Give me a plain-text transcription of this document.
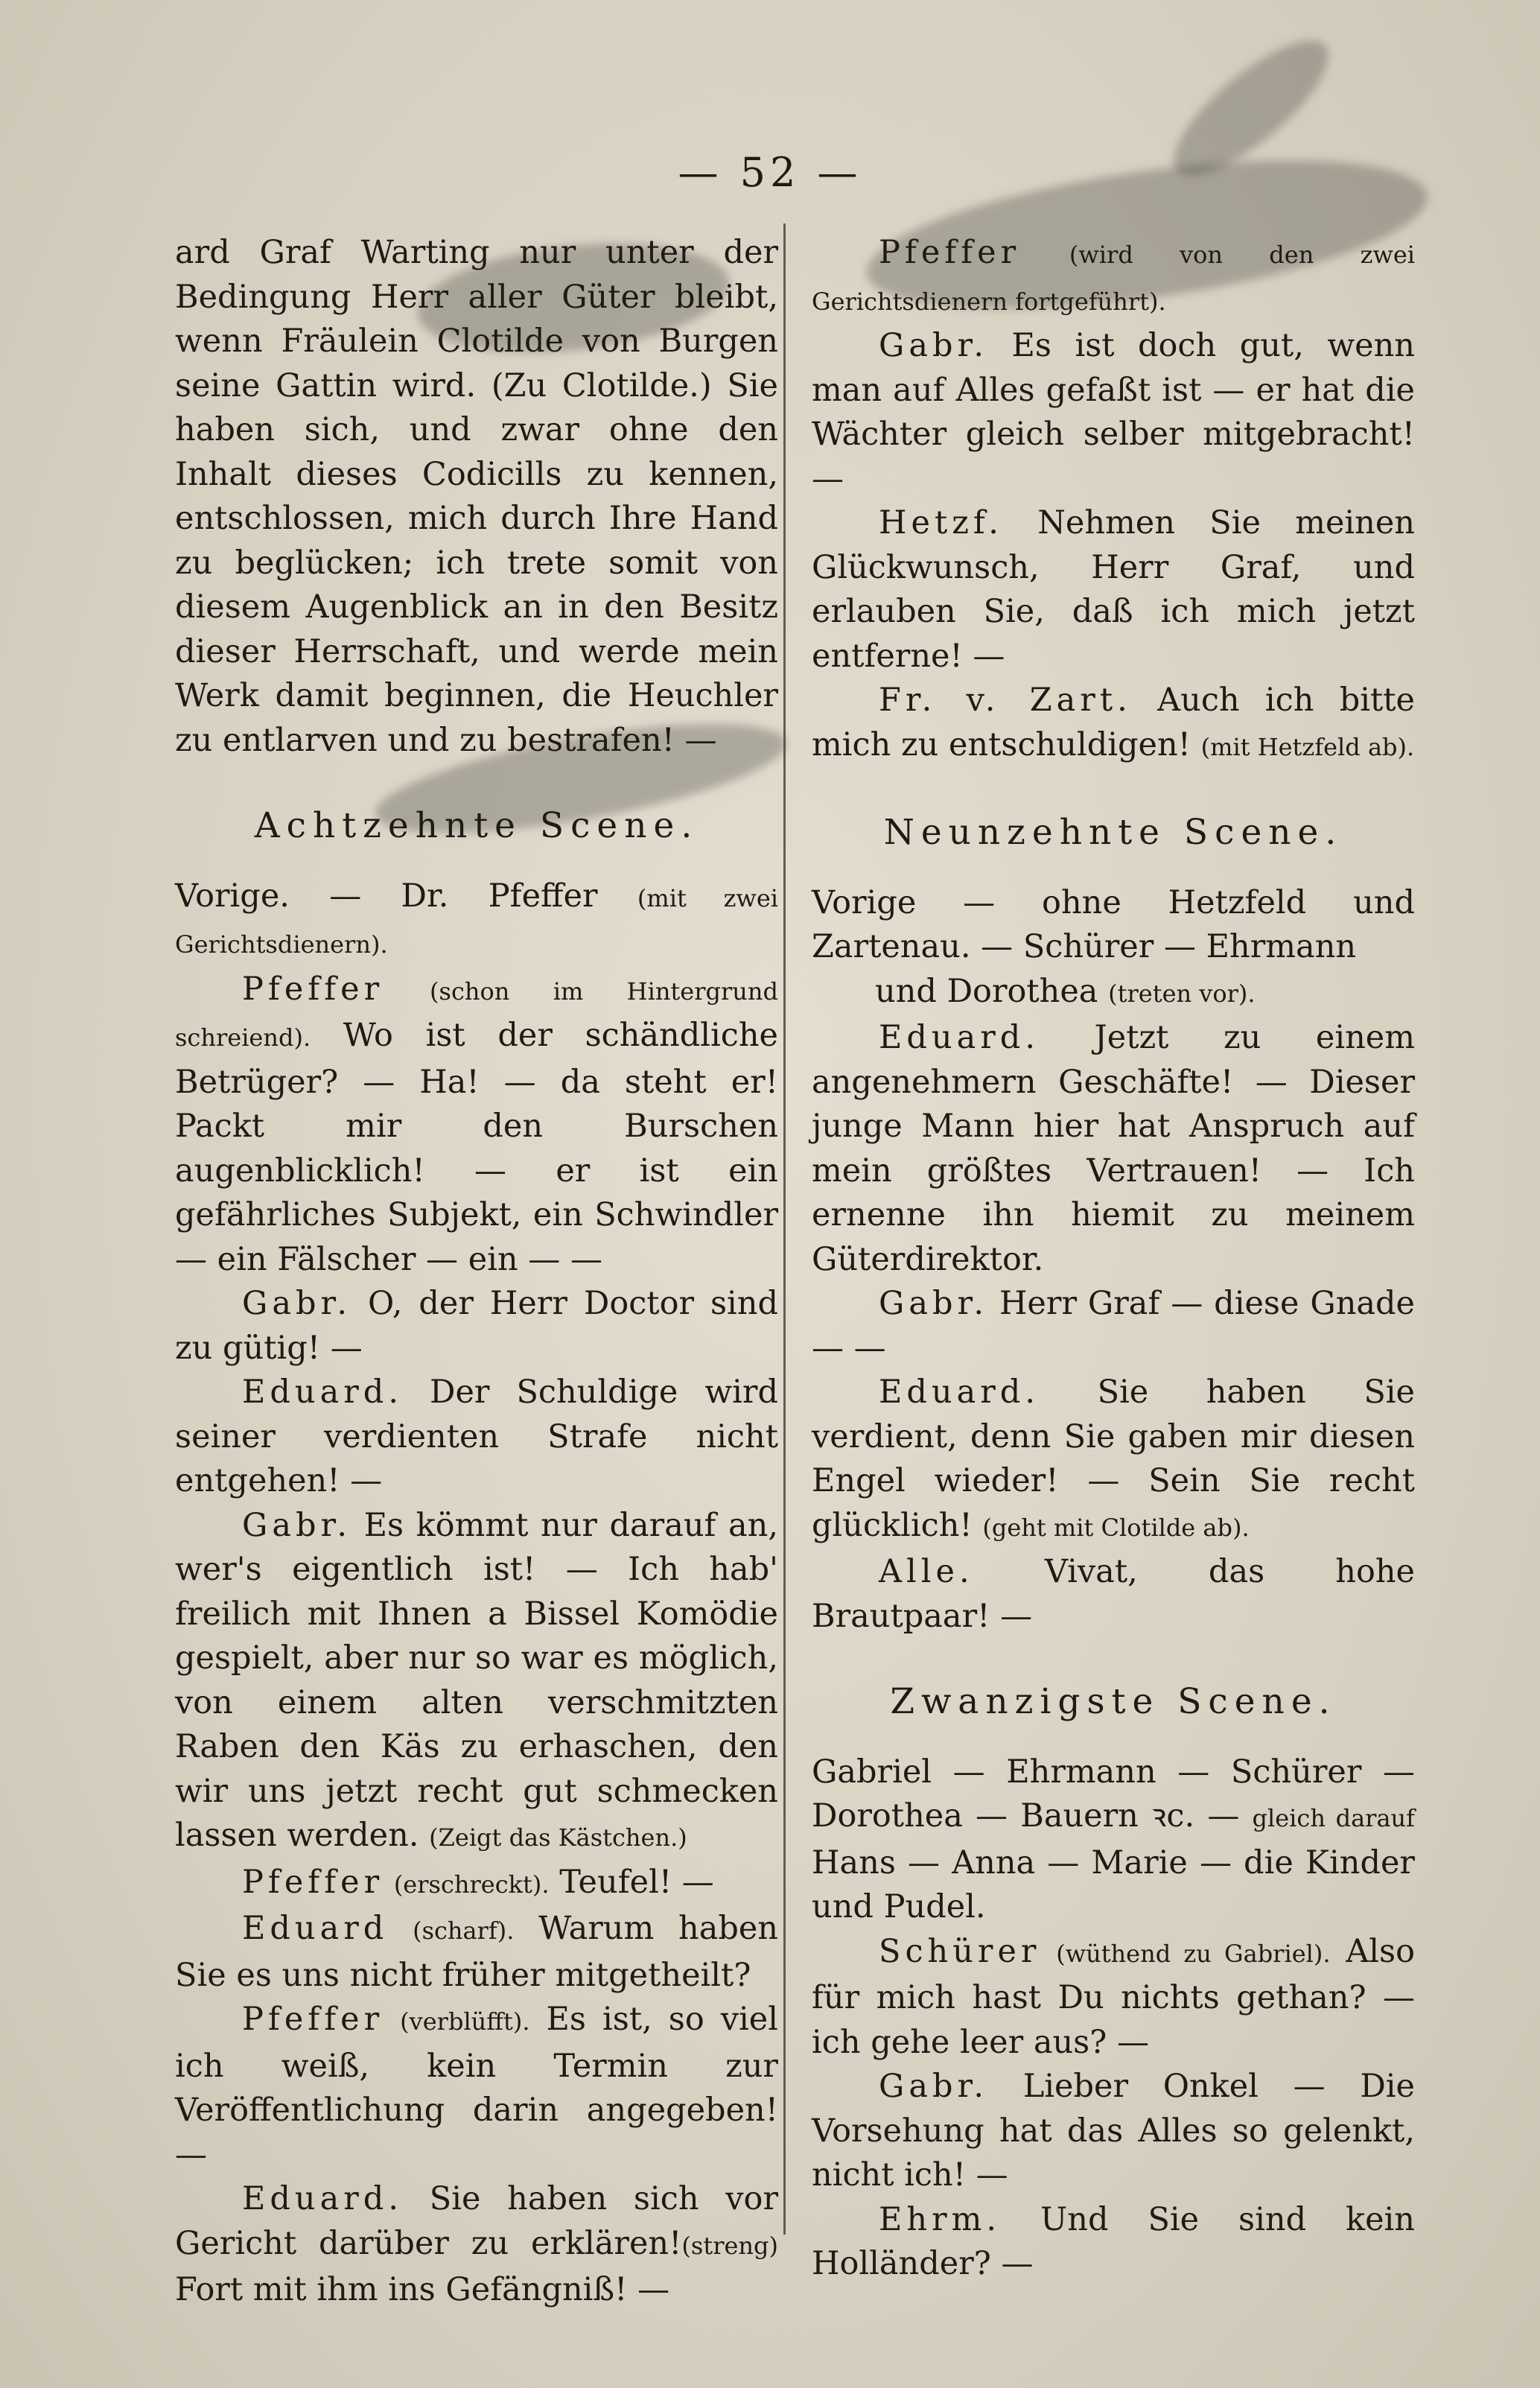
— 52 —

ard Graf Warting nur unter der Bedingung Herr aller Güter bleibt, wenn Fräulein Clotilde von Burgen seine Gattin wird. (Zu Clotilde.) Sie haben sich, und zwar ohne den Inhalt dieses Codicills zu kennen, entschlossen, mich durch Ihre Hand zu beglücken; ich trete somit von diesem Augenblick an in den Besitz dieser Herrschaft, und werde mein Werk damit beginnen, die Heuchler zu entlarven und zu bestrafen! —

Achtzehnte Scene.

Vorige. — Dr. Pfeffer (mit zwei Gerichtsdienern).

Pfeffer (schon im Hintergrund schreiend). Wo ist der schändliche Betrüger? — Ha! — da steht er! Packt mir den Burschen augenblicklich! — er ist ein gefährliches Subjekt, ein Schwindler — ein Fälscher — ein — —

Gabr. O, der Herr Doctor sind zu gütig! —

Eduard. Der Schuldige wird seiner verdienten Strafe nicht entgehen! —

Gabr. Es kömmt nur darauf an, wer's eigentlich ist! — Ich hab' freilich mit Ihnen a Bissel Komödie gespielt, aber nur so war es möglich, von einem alten verschmitzten Raben den Käs zu erhaschen, den wir uns jetzt recht gut schmecken lassen werden. (Zeigt das Kästchen.)

Pfeffer (erschreckt). Teufel! —

Eduard (scharf). Warum haben Sie es uns nicht früher mitgetheilt?

Pfeffer (verblüfft). Es ist, so viel ich weiß, kein Termin zur Veröffentlichung darin angegeben! —

Eduard. Sie haben sich vor Gericht darüber zu erklären!(streng) Fort mit ihm ins Gefängniß! —

Pfeffer (wird von den zwei Gerichtsdienern fortgeführt).

Gabr. Es ist doch gut, wenn man auf Alles gefaßt ist — er hat die Wächter gleich selber mitgebracht! —

Hetzf. Nehmen Sie meinen Glückwunsch, Herr Graf, und erlauben Sie, daß ich mich jetzt entferne! —

Fr. v. Zart. Auch ich bitte mich zu entschuldigen! (mit Hetzfeld ab).

Neunzehnte Scene.

Vorige — ohne Hetzfeld und Zartenau. — Schürer — Ehrmann
und Dorothea (treten vor).

Eduard. Jetzt zu einem angenehmern Geschäfte! — Dieser junge Mann hier hat Anspruch auf mein größtes Vertrauen! — Ich ernenne ihn hiemit zu meinem Güterdirektor.

Gabr. Herr Graf — diese Gnade — —

Eduard. Sie haben Sie verdient, denn Sie gaben mir diesen Engel wieder! — Sein Sie recht glücklich! (geht mit Clotilde ab).

Alle. Vivat, das hohe Brautpaar! —

Zwanzigste Scene.

Gabriel — Ehrmann — Schürer — Dorothea — Bauern ꝛc. — gleich darauf Hans — Anna — Marie — die Kinder und Pudel.

Schürer (wüthend zu Gabriel). Also für mich hast Du nichts gethan? — ich gehe leer aus? —

Gabr. Lieber Onkel — Die Vorsehung hat das Alles so gelenkt, nicht ich! —

Ehrm. Und Sie sind kein Holländer? —
